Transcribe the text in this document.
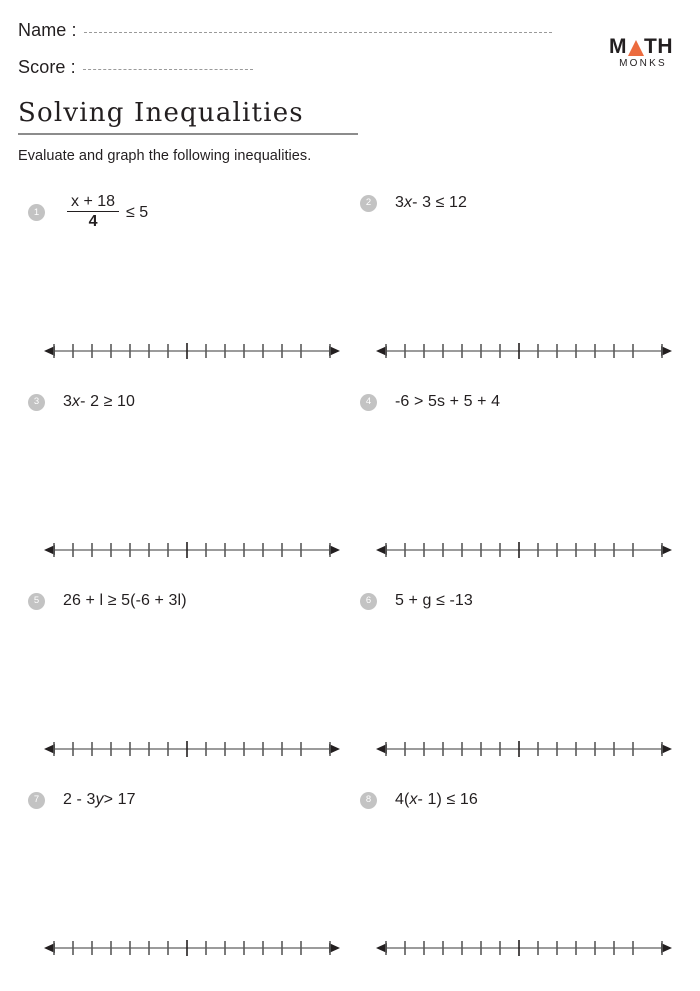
Name :
Score :
M TH
MONKS
Solving Inequalities
Evaluate and graph the following inequalities.
1	$\frac{x + 18}{4} \le 5$
2	3 x - 3 ≤ 12
3	3 x - 2 ≥ 10	4	-6 > 5s + 5 + 4
5	26 + l ≥ 5(-6 + 3l)	6	5 + g ≤ -13
7	2 - 3 y > 17	8	4( x - 1) ≤ 16
